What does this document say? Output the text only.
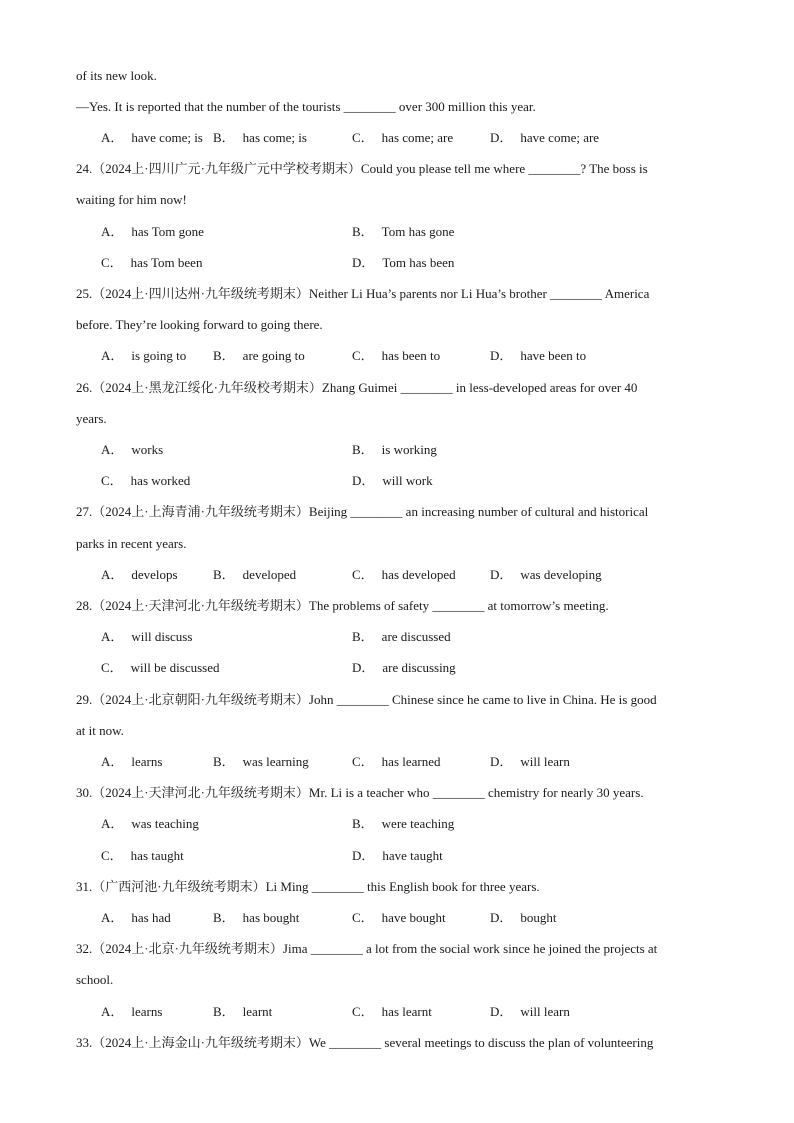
of its new look.
—Yes. It is reported that the number of the tourists ________ over 300 million this year.
A． have come; is B． has come; is	C． has come; are	D． have come; are
24.（2024上·四川广元·九年级广元中学校考期末）Could you please tell me where ________? The boss is
waiting for him now!
A． has Tom gone	B． Tom has gone
C． has Tom been	D． Tom has been
25.（2024上·四川达州·九年级统考期末）Neither Li Hua’s parents nor Li Hua’s brother ________ America
before. They’re looking forward to going there.
A． is going to B． are going to	C． has been to	D． have been to
26.（2024上·黑龙江绥化·九年级校考期末）Zhang Guimei ________ in less-developed areas for over 40
years.
A． works	B． is working
C． has worked	D． will work
27.（2024上·上海青浦·九年级统考期末）Beijing ________ an increasing number of cultural and historical
parks in recent years.
A． develops	B． developed	C． has developed	D． was developing
28.（2024上·天津河北·九年级统考期末）The problems of safety ________ at tomorrow’s meeting.
A． will discuss	B． are discussed
C． will be discussed	D． are discussing
29.（2024上·北京朝阳·九年级统考期末）John ________ Chinese since he came to live in China. He is good
at it now.
A． learns	B． was learning	C． has learned	D． will learn
30.（2024上·天津河北·九年级统考期末）Mr. Li is a teacher who ________ chemistry for nearly 30 years.
A． was teaching	B． were teaching
C． has taught	D． have taught
31.（广西河池·九年级统考期末）Li Ming ________ this English book for three years.
A． has had	B． has bought	C． have bought	D． bought
32.（2024上·北京·九年级统考期末）Jima ________ a lot from the social work since he joined the projects at
school.
A． learns	B． learnt	C． has learnt	D． will learn
33.（2024上·上海金山·九年级统考期末）We ________ several meetings to discuss the plan of volunteering
